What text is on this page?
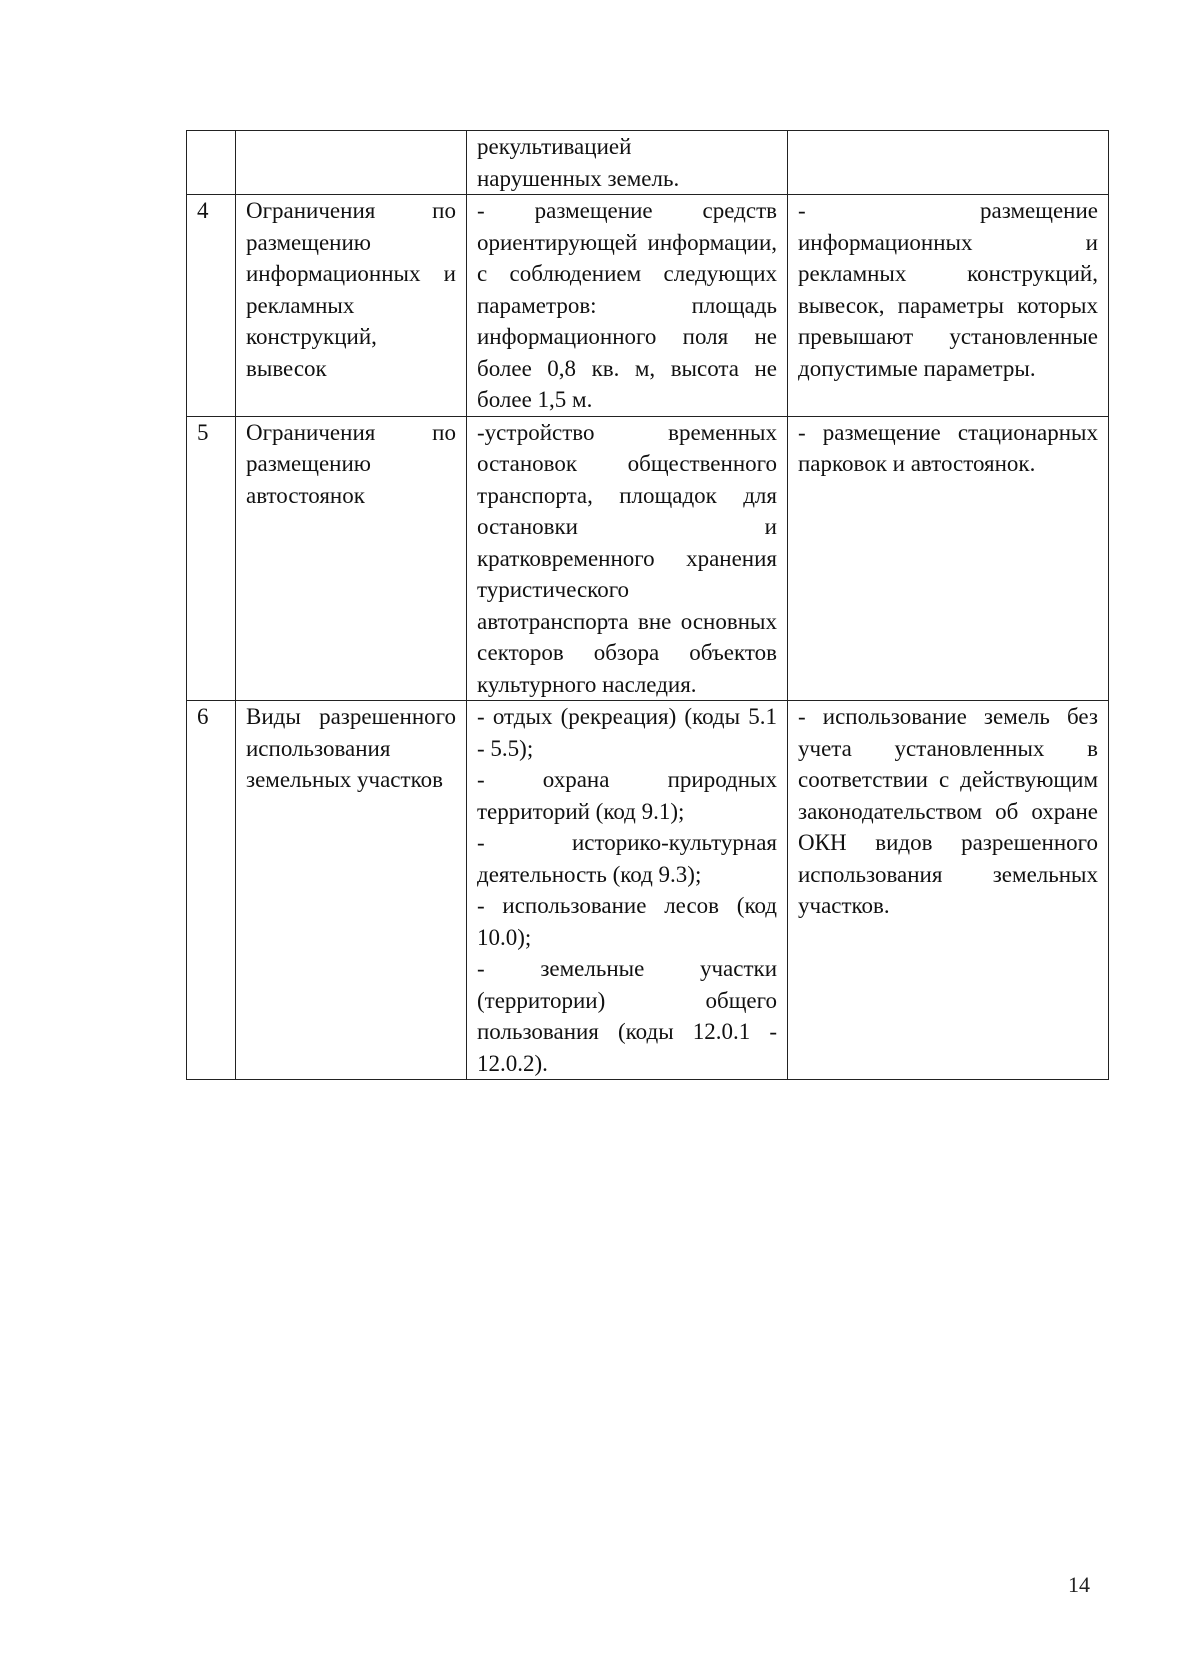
		рекультивацией
нарушенных земель.	

4	Ограничения по размещению информационных и рекламных конструкций, вывесок	- размещение средств ориентирующей информации, с соблюдением следующих параметров: площадь информационного поля не более 0,8 кв. м, высота не более 1,5 м.	- размещение информационных и рекламных конструкций, вывесок, параметры которых превышают установленные допустимые параметры.

5	Ограничения по размещению автостоянок	-устройство временных остановок общественного транспорта, площадок для остановки и кратковременного хранения туристического автотранспорта вне основных секторов обзора объектов культурного наследия.	- размещение стационарных парковок и автостоянок.

6	Виды разрешенного использования земельных участков	- отдых (рекреация) (коды 5.1 - 5.5);
- охрана природных территорий (код 9.1);
- историко-культурная деятельность (код 9.3);
- использование лесов (код 10.0);
- земельные участки (территории) общего пользования (коды 12.0.1 - 12.0.2).	- использование земель без учета установленных в соответствии с действующим законодательством об охране ОКН видов разрешенного использования земельных участков.
14
